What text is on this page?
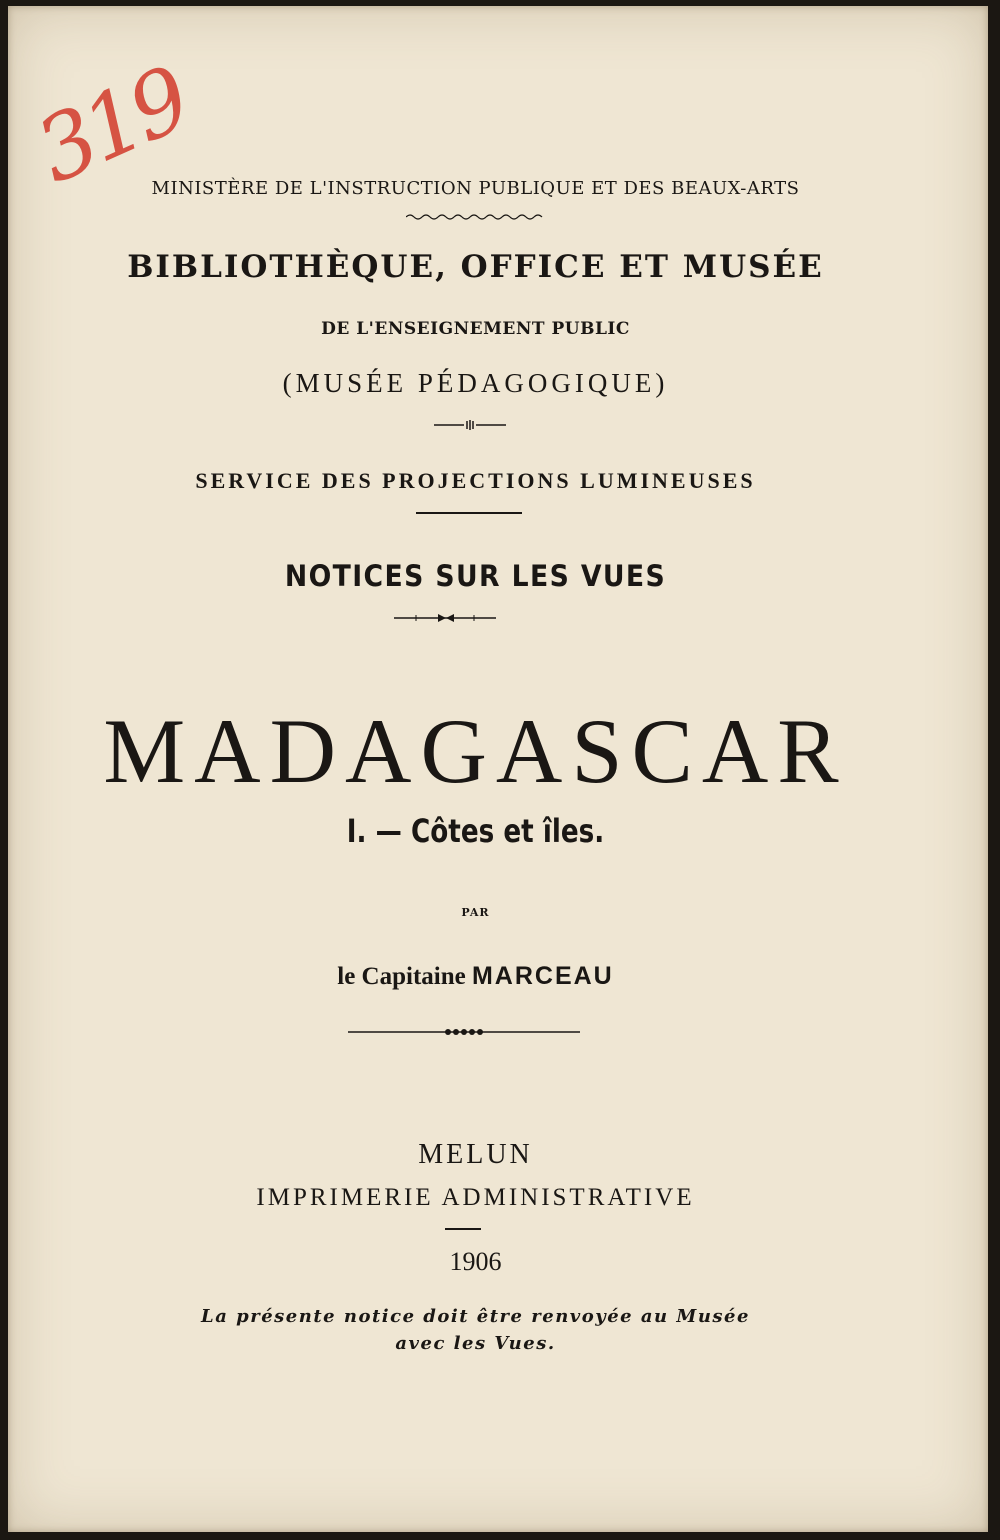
319
MINISTÈRE DE L'INSTRUCTION PUBLIQUE ET DES BEAUX-ARTS
BIBLIOTHÈQUE, OFFICE ET MUSÉE
DE L'ENSEIGNEMENT PUBLIC
(MUSÉE PÉDAGOGIQUE)
SERVICE DES PROJECTIONS LUMINEUSES
NOTICES SUR LES VUES
MADAGASCAR
I. — Côtes et îles.
PAR
le Capitaine MARCEAU
MELUN
IMPRIMERIE ADMINISTRATIVE
1906
La présente notice doit être renvoyée au Musée
avec les Vues.
